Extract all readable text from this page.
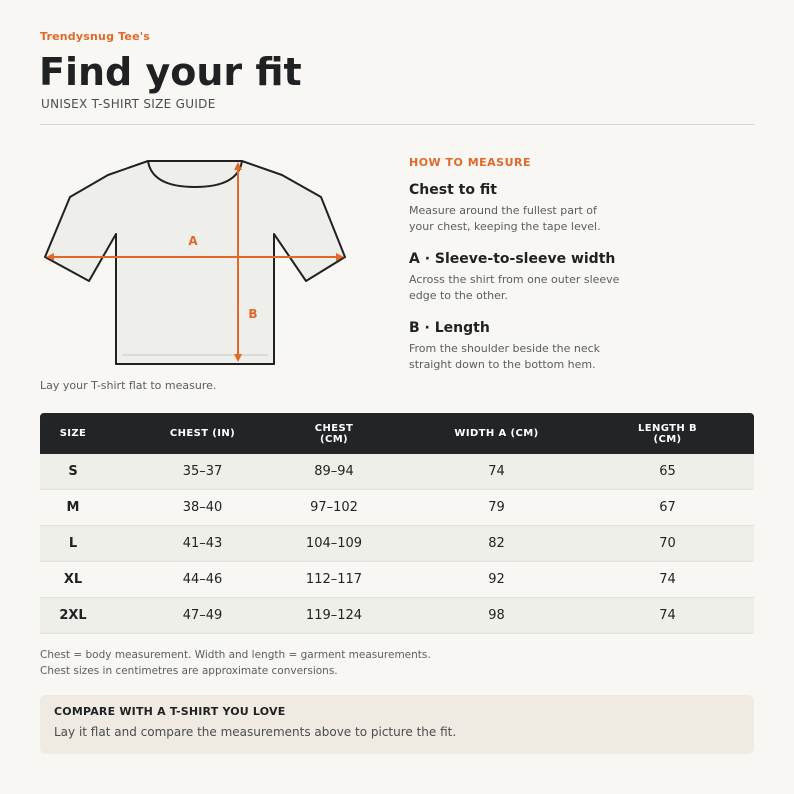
Trendysnug Tee's
Find your fit
UNISEX T-SHIRT SIZE GUIDE
A
B
Lay your T-shirt flat to measure.
HOW TO MEASURE
Chest to fit
Measure around the fullest part of your chest, keeping the tape level.
A · Sleeve-to-sleeve width
Across the shirt from one outer sleeve edge to the other.
B · Length
From the shoulder beside the neck straight down to the bottom hem.
SIZE	CHEST (IN)	CHEST (CM)	WIDTH A (CM)	LENGTH B (CM)
S	35–37	89–94	74	65
M	38–40	97–102	79	67
L	41–43	104–109	82	70
XL	44–46	112–117	92	74
2XL	47–49	119–124	98	74
Chest = body measurement. Width and length = garment measurements.
Chest sizes in centimetres are approximate conversions.
COMPARE WITH A T-SHIRT YOU LOVE
Lay it flat and compare the measurements above to picture the fit.
